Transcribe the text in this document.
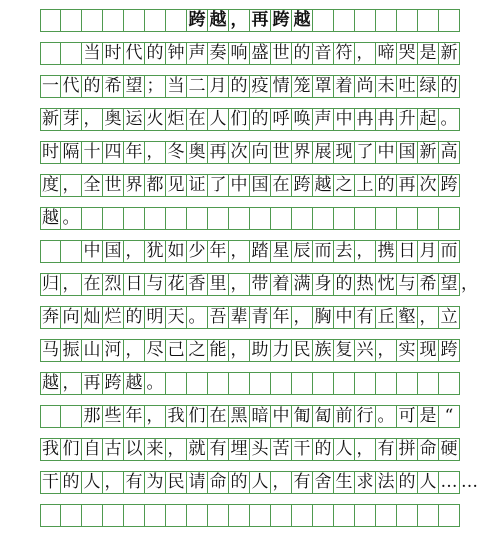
跨 越 ， 再 跨 越
当 时 代 的 钟 声 奏 响 盛 世 的 音 符 ， 啼 哭 是 新
一 代 的 希 望 ； 当 二 月 的 疫 情 笼 罩 着 尚 未 吐 绿 的
新 芽 ， 奥 运 火 炬 在 人 们 的 呼 唤 声 中 冉 冉 升 起 。
时 隔 十 四 年 ， 冬 奥 再 次 向 世 界 展 现 了 中 国 新 高
度 ， 全 世 界 都 见 证 了 中 国 在 跨 越 之 上 的 再 次 跨
越 。
中 国 ， 犹 如 少 年 ， 踏 星 辰 而 去 ， 携 日 月 而
归 ， 在 烈 日 与 花 香 里 ， 带 着 满 身 的 热 忱 与 希 望 ，
奔 向 灿 烂 的 明 天 。 吾 辈 青 年 ， 胸 中 有 丘 壑 ， 立
马 振 山 河 ， 尽 己 之 能 ， 助 力 民 族 复 兴 ， 实 现 跨
越 ， 再 跨 越 。
那 些 年 ， 我 们 在 黑 暗 中 匍 匐 前 行 。 可 是 “
我 们 自 古 以 来 ， 就 有 埋 头 苦 干 的 人 ， 有 拼 命 硬
干 的 人 ， 有 为 民 请 命 的 人 ， 有 舍 生 求 法 的 人 … …
